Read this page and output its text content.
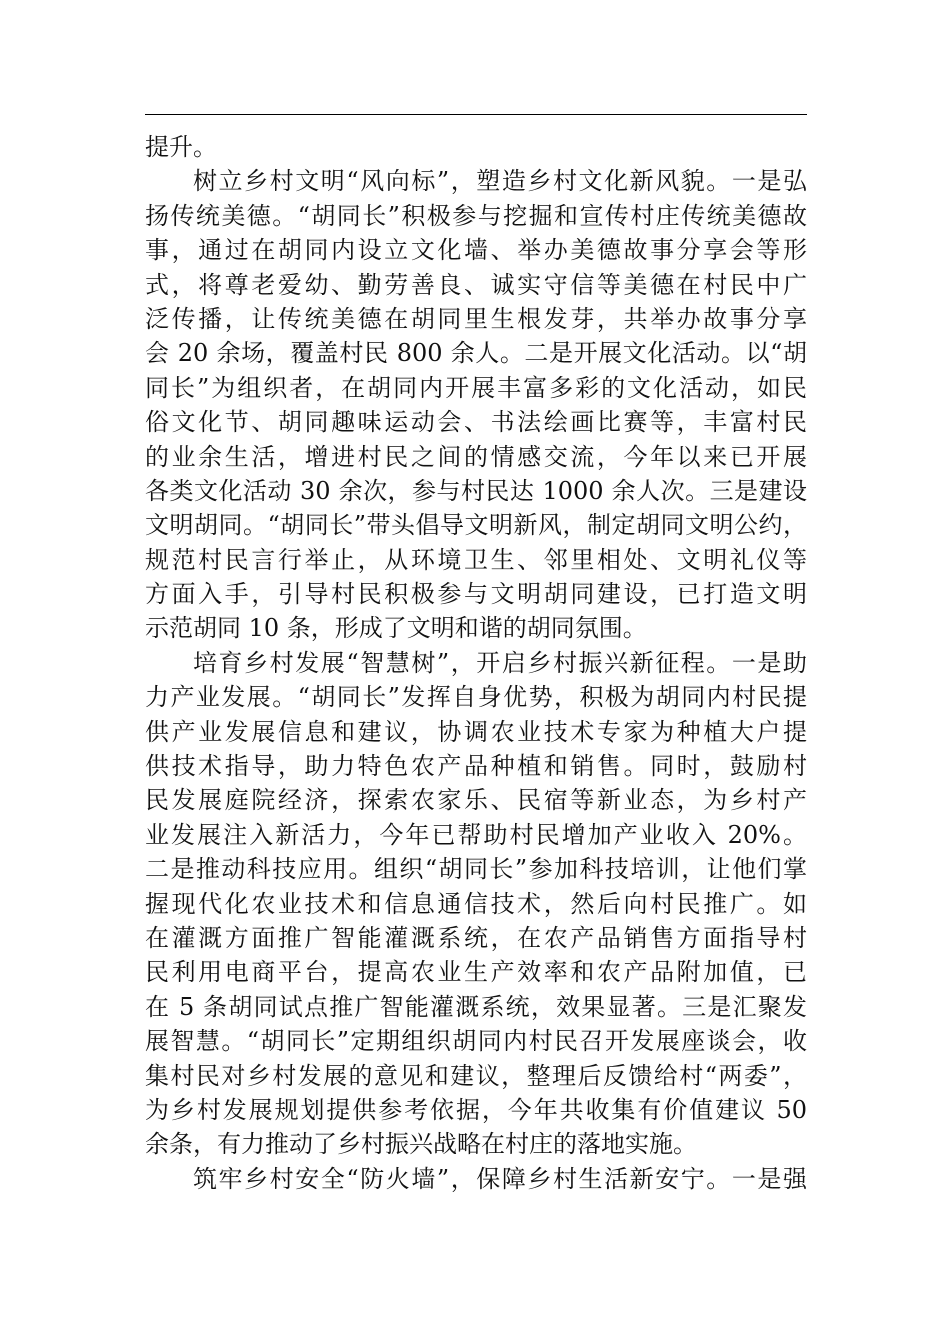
提升。
树立乡村文明“风向标”，塑造乡村文化新风貌。一是弘
扬传统美德。“胡同长”积极参与挖掘和宣传村庄传统美德故
事，通过在胡同内设立文化墙、举办美德故事分享会等形
式，将尊老爱幼、勤劳善良、诚实守信等美德在村民中广
泛传播，让传统美德在胡同里生根发芽，共举办故事分享
会 20 余场，覆盖村民 800 余人。二是开展文化活动。以“胡
同长”为组织者，在胡同内开展丰富多彩的文化活动，如民
俗文化节、胡同趣味运动会、书法绘画比赛等，丰富村民
的业余生活，增进村民之间的情感交流，今年以来已开展
各类文化活动 30 余次，参与村民达 1000 余人次。三是建设
文明胡同。“胡同长”带头倡导文明新风，制定胡同文明公约，
规范村民言行举止，从环境卫生、邻里相处、文明礼仪等
方面入手，引导村民积极参与文明胡同建设，已打造文明
示范胡同 10 条，形成了文明和谐的胡同氛围。
培育乡村发展“智慧树”，开启乡村振兴新征程。一是助
力产业发展。“胡同长”发挥自身优势，积极为胡同内村民提
供产业发展信息和建议，协调农业技术专家为种植大户提
供技术指导，助力特色农产品种植和销售。同时，鼓励村
民发展庭院经济，探索农家乐、民宿等新业态，为乡村产
业发展注入新活力，今年已帮助村民增加产业收入 20%。
二是推动科技应用。组织“胡同长”参加科技培训，让他们掌
握现代化农业技术和信息通信技术，然后向村民推广。如
在灌溉方面推广智能灌溉系统，在农产品销售方面指导村
民利用电商平台，提高农业生产效率和农产品附加值，已
在 5 条胡同试点推广智能灌溉系统，效果显著。三是汇聚发
展智慧。“胡同长”定期组织胡同内村民召开发展座谈会，收
集村民对乡村发展的意见和建议，整理后反馈给村“两委”，
为乡村发展规划提供参考依据，今年共收集有价值建议 50
余条，有力推动了乡村振兴战略在村庄的落地实施。
筑牢乡村安全“防火墙”，保障乡村生活新安宁。一是强
